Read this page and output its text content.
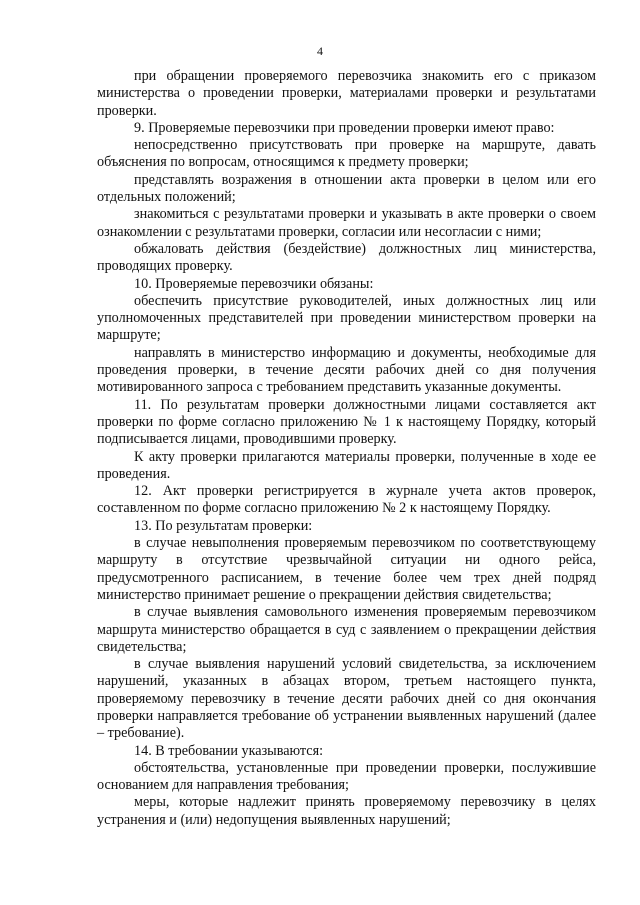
4

при обращении проверяемого перевозчика знакомить его с приказом министерства о проведении проверки, материалами проверки и результатами проверки.

9. Проверяемые перевозчики при проведении проверки имеют право:

непосредственно присутствовать при проверке на маршруте, давать объяснения по вопросам, относящимся к предмету проверки;

представлять возражения в отношении акта проверки в целом или его отдельных положений;

знакомиться с результатами проверки и указывать в акте проверки о своем ознакомлении с результатами проверки, согласии или несогласии с ними;

обжаловать действия (бездействие) должностных лиц министерства, проводящих проверку.

10. Проверяемые перевозчики обязаны:

обеспечить присутствие руководителей, иных должностных лиц или уполномоченных представителей при проведении министерством проверки на маршруте;

направлять в министерство информацию и документы, необходимые для проведения проверки, в течение десяти рабочих дней со дня получения мотивированного запроса с требованием представить указанные документы.

11. По результатам проверки должностными лицами составляется акт проверки по форме согласно приложению № 1 к настоящему Порядку, который подписывается лицами, проводившими проверку.

К акту проверки прилагаются материалы проверки, полученные в ходе ее проведения.

12. Акт проверки регистрируется в журнале учета актов проверок, составленном по форме согласно приложению № 2 к настоящему Порядку.

13. По результатам проверки:

в случае невыполнения проверяемым перевозчиком по соответствующему маршруту в отсутствие чрезвычайной ситуации ни одного рейса, предусмотренного расписанием, в течение более чем трех дней подряд министерство принимает решение о прекращении действия свидетельства;

в случае выявления самовольного изменения проверяемым перевозчиком маршрута министерство обращается в суд с заявлением о прекращении действия свидетельства;

в случае выявления нарушений условий свидетельства, за исключением нарушений, указанных в абзацах втором, третьем настоящего пункта, проверяемому перевозчику в течение десяти рабочих дней со дня окончания проверки направляется требование об устранении выявленных нарушений (далее – требование).

14. В требовании указываются:

обстоятельства, установленные при проведении проверки, послужившие основанием для направления требования;

меры, которые надлежит принять проверяемому перевозчику в целях устранения и (или) недопущения выявленных нарушений;
